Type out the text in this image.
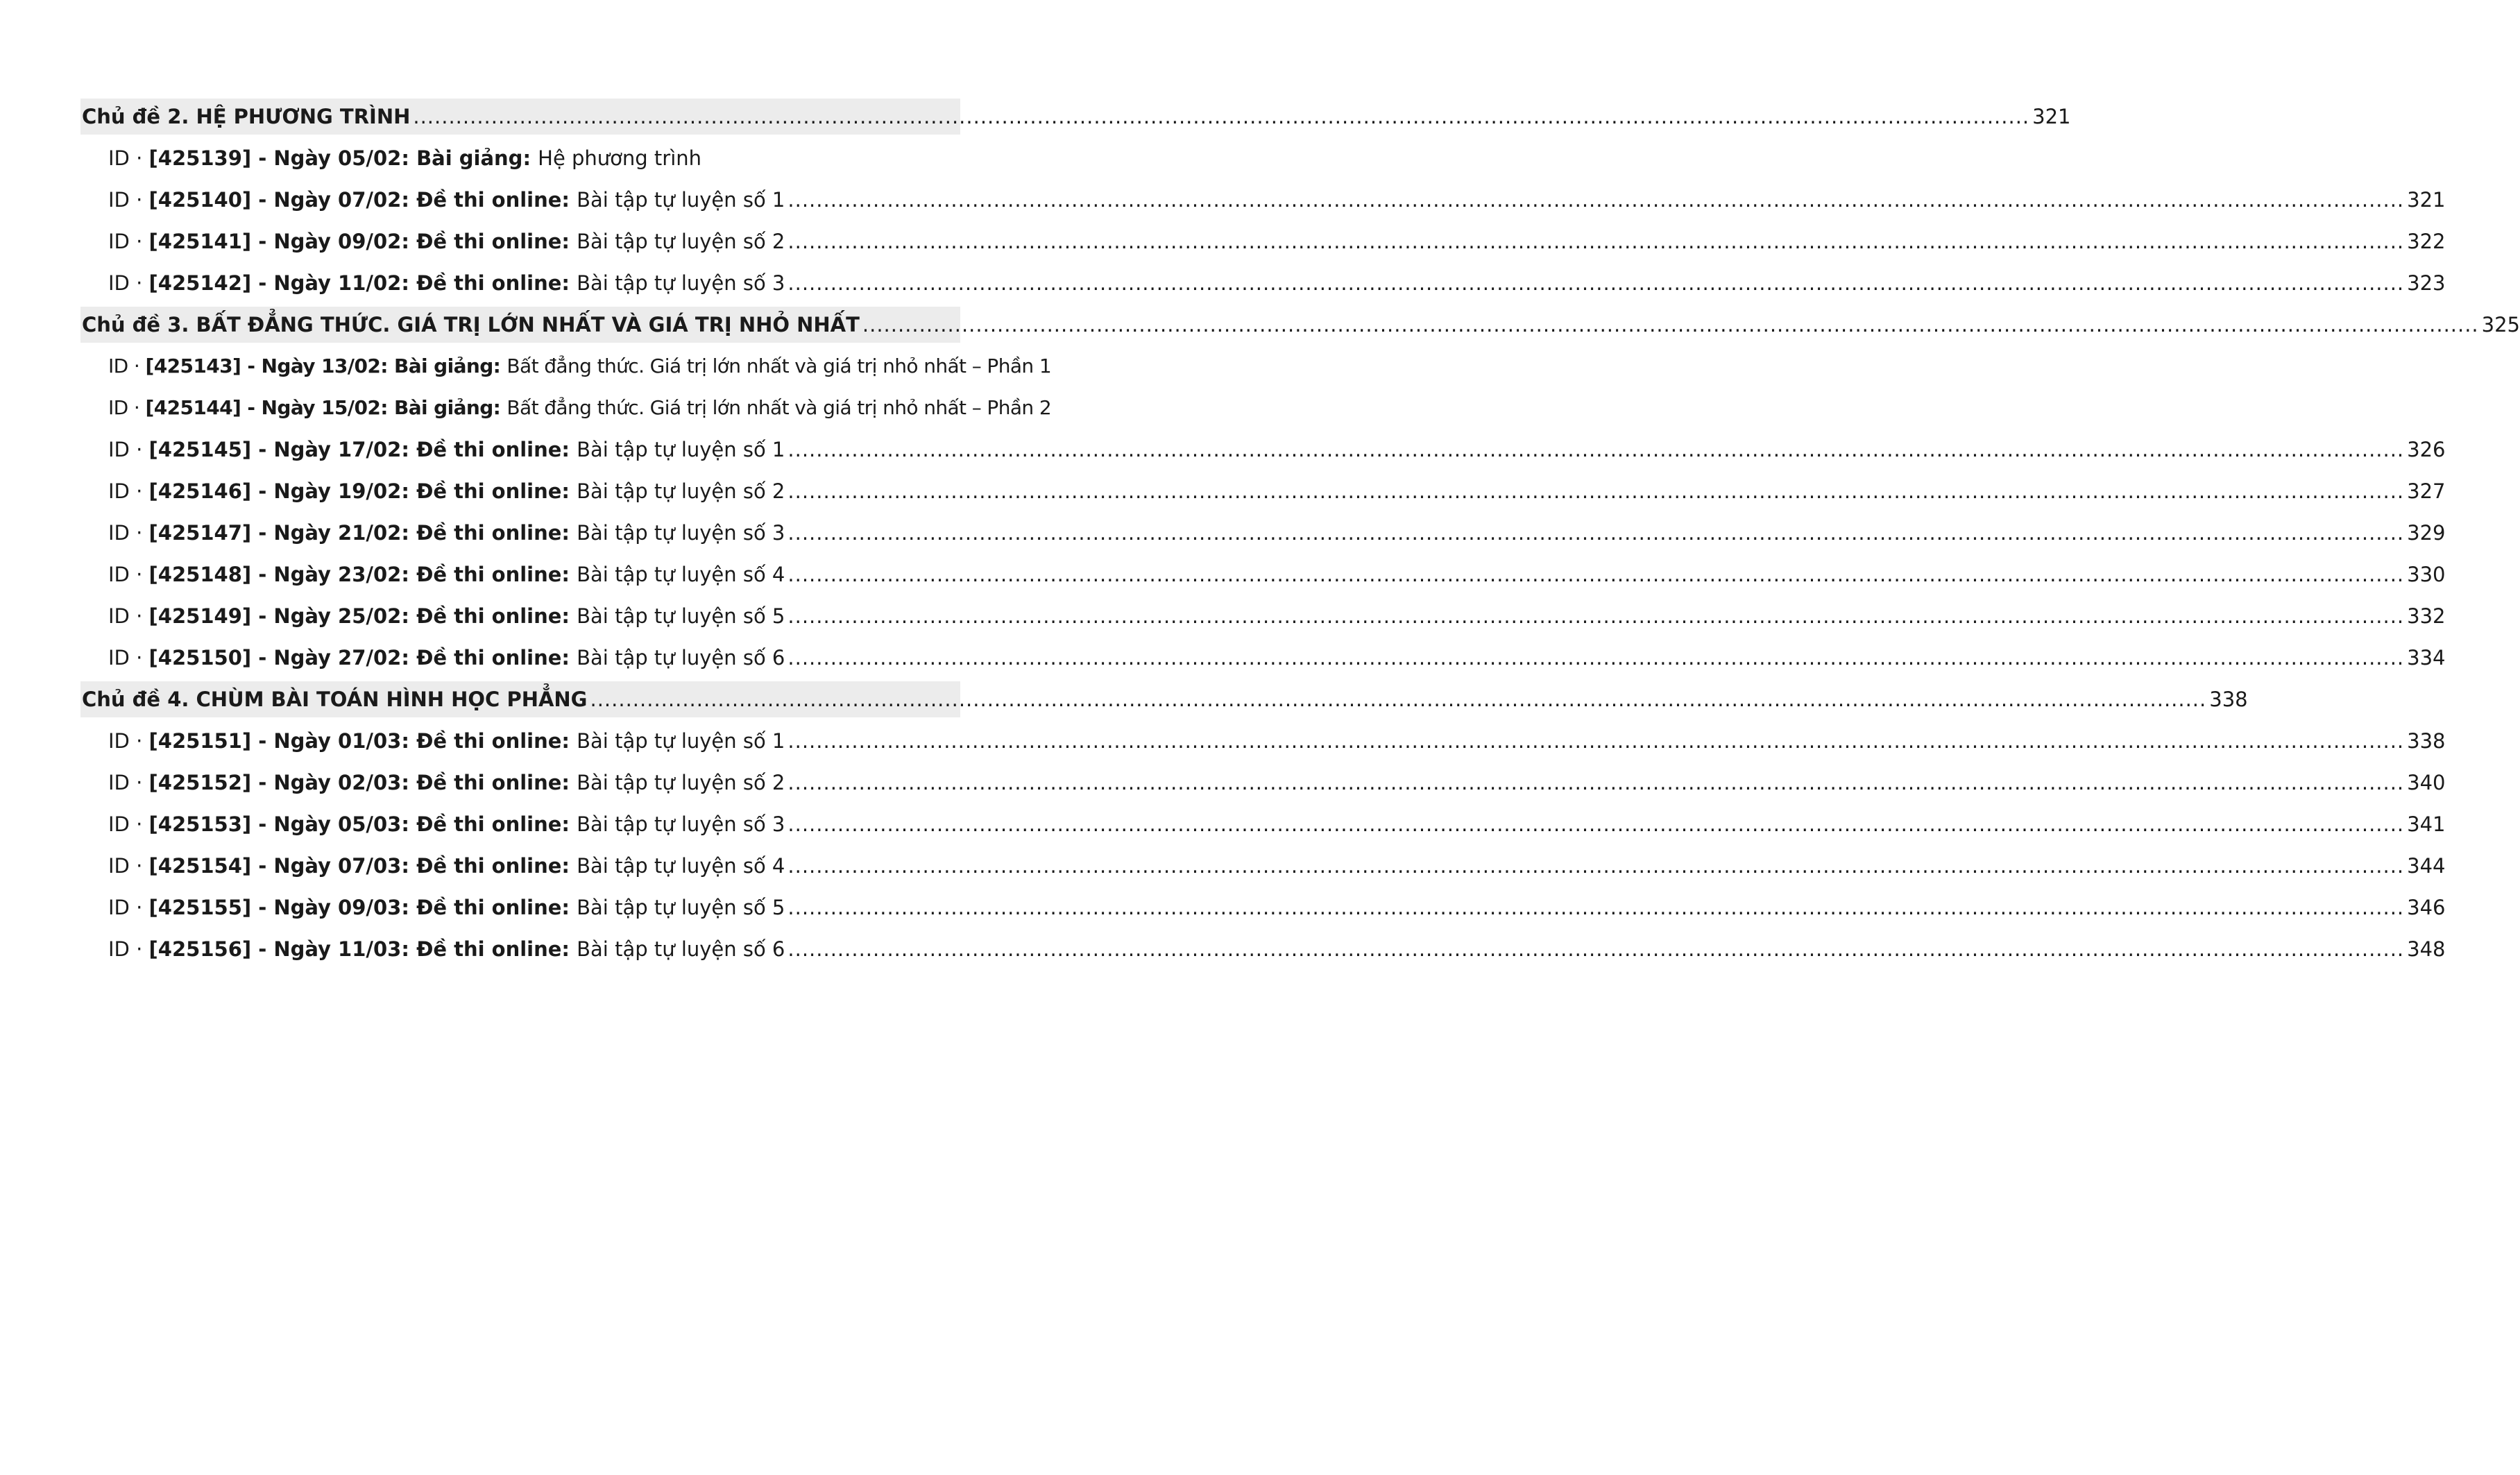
Chủ đề 2. HỆ PHƯƠNG TRÌNH .....	321
ID · [425139] - Ngày 05/02: Bài giảng: Hệ phương trình
ID · [425140] - Ngày 07/02: Đề thi online: Bài tập tự luyện số 1 .....	321
ID · [425141] - Ngày 09/02: Đề thi online: Bài tập tự luyện số 2 .....	322
ID · [425142] - Ngày 11/02: Đề thi online: Bài tập tự luyện số 3 .....	323
Chủ đề 3. BẤT ĐẲNG THỨC. GIÁ TRỊ LỚN NHẤT VÀ GIÁ TRỊ NHỎ NHẤT .....	325
ID · [425143] - Ngày 13/02: Bài giảng: Bất đẳng thức. Giá trị lớn nhất và giá trị nhỏ nhất – Phần 1
ID · [425144] - Ngày 15/02: Bài giảng: Bất đẳng thức. Giá trị lớn nhất và giá trị nhỏ nhất – Phần 2
ID · [425145] - Ngày 17/02: Đề thi online: Bài tập tự luyện số 1 .....	326
ID · [425146] - Ngày 19/02: Đề thi online: Bài tập tự luyện số 2 .....	327
ID · [425147] - Ngày 21/02: Đề thi online: Bài tập tự luyện số 3 .....	329
ID · [425148] - Ngày 23/02: Đề thi online: Bài tập tự luyện số 4 .....	330
ID · [425149] - Ngày 25/02: Đề thi online: Bài tập tự luyện số 5 .....	332
ID · [425150] - Ngày 27/02: Đề thi online: Bài tập tự luyện số 6 .....	334
Chủ đề 4. CHÙM BÀI TOÁN HÌNH HỌC PHẲNG .....	338
ID · [425151] - Ngày 01/03: Đề thi online: Bài tập tự luyện số 1 .....	338
ID · [425152] - Ngày 02/03: Đề thi online: Bài tập tự luyện số 2 .....	340
ID · [425153] - Ngày 05/03: Đề thi online: Bài tập tự luyện số 3 .....	341
ID · [425154] - Ngày 07/03: Đề thi online: Bài tập tự luyện số 4 .....	344
ID · [425155] - Ngày 09/03: Đề thi online: Bài tập tự luyện số 5 .....	346
ID · [425156] - Ngày 11/03: Đề thi online: Bài tập tự luyện số 6 .....	348
